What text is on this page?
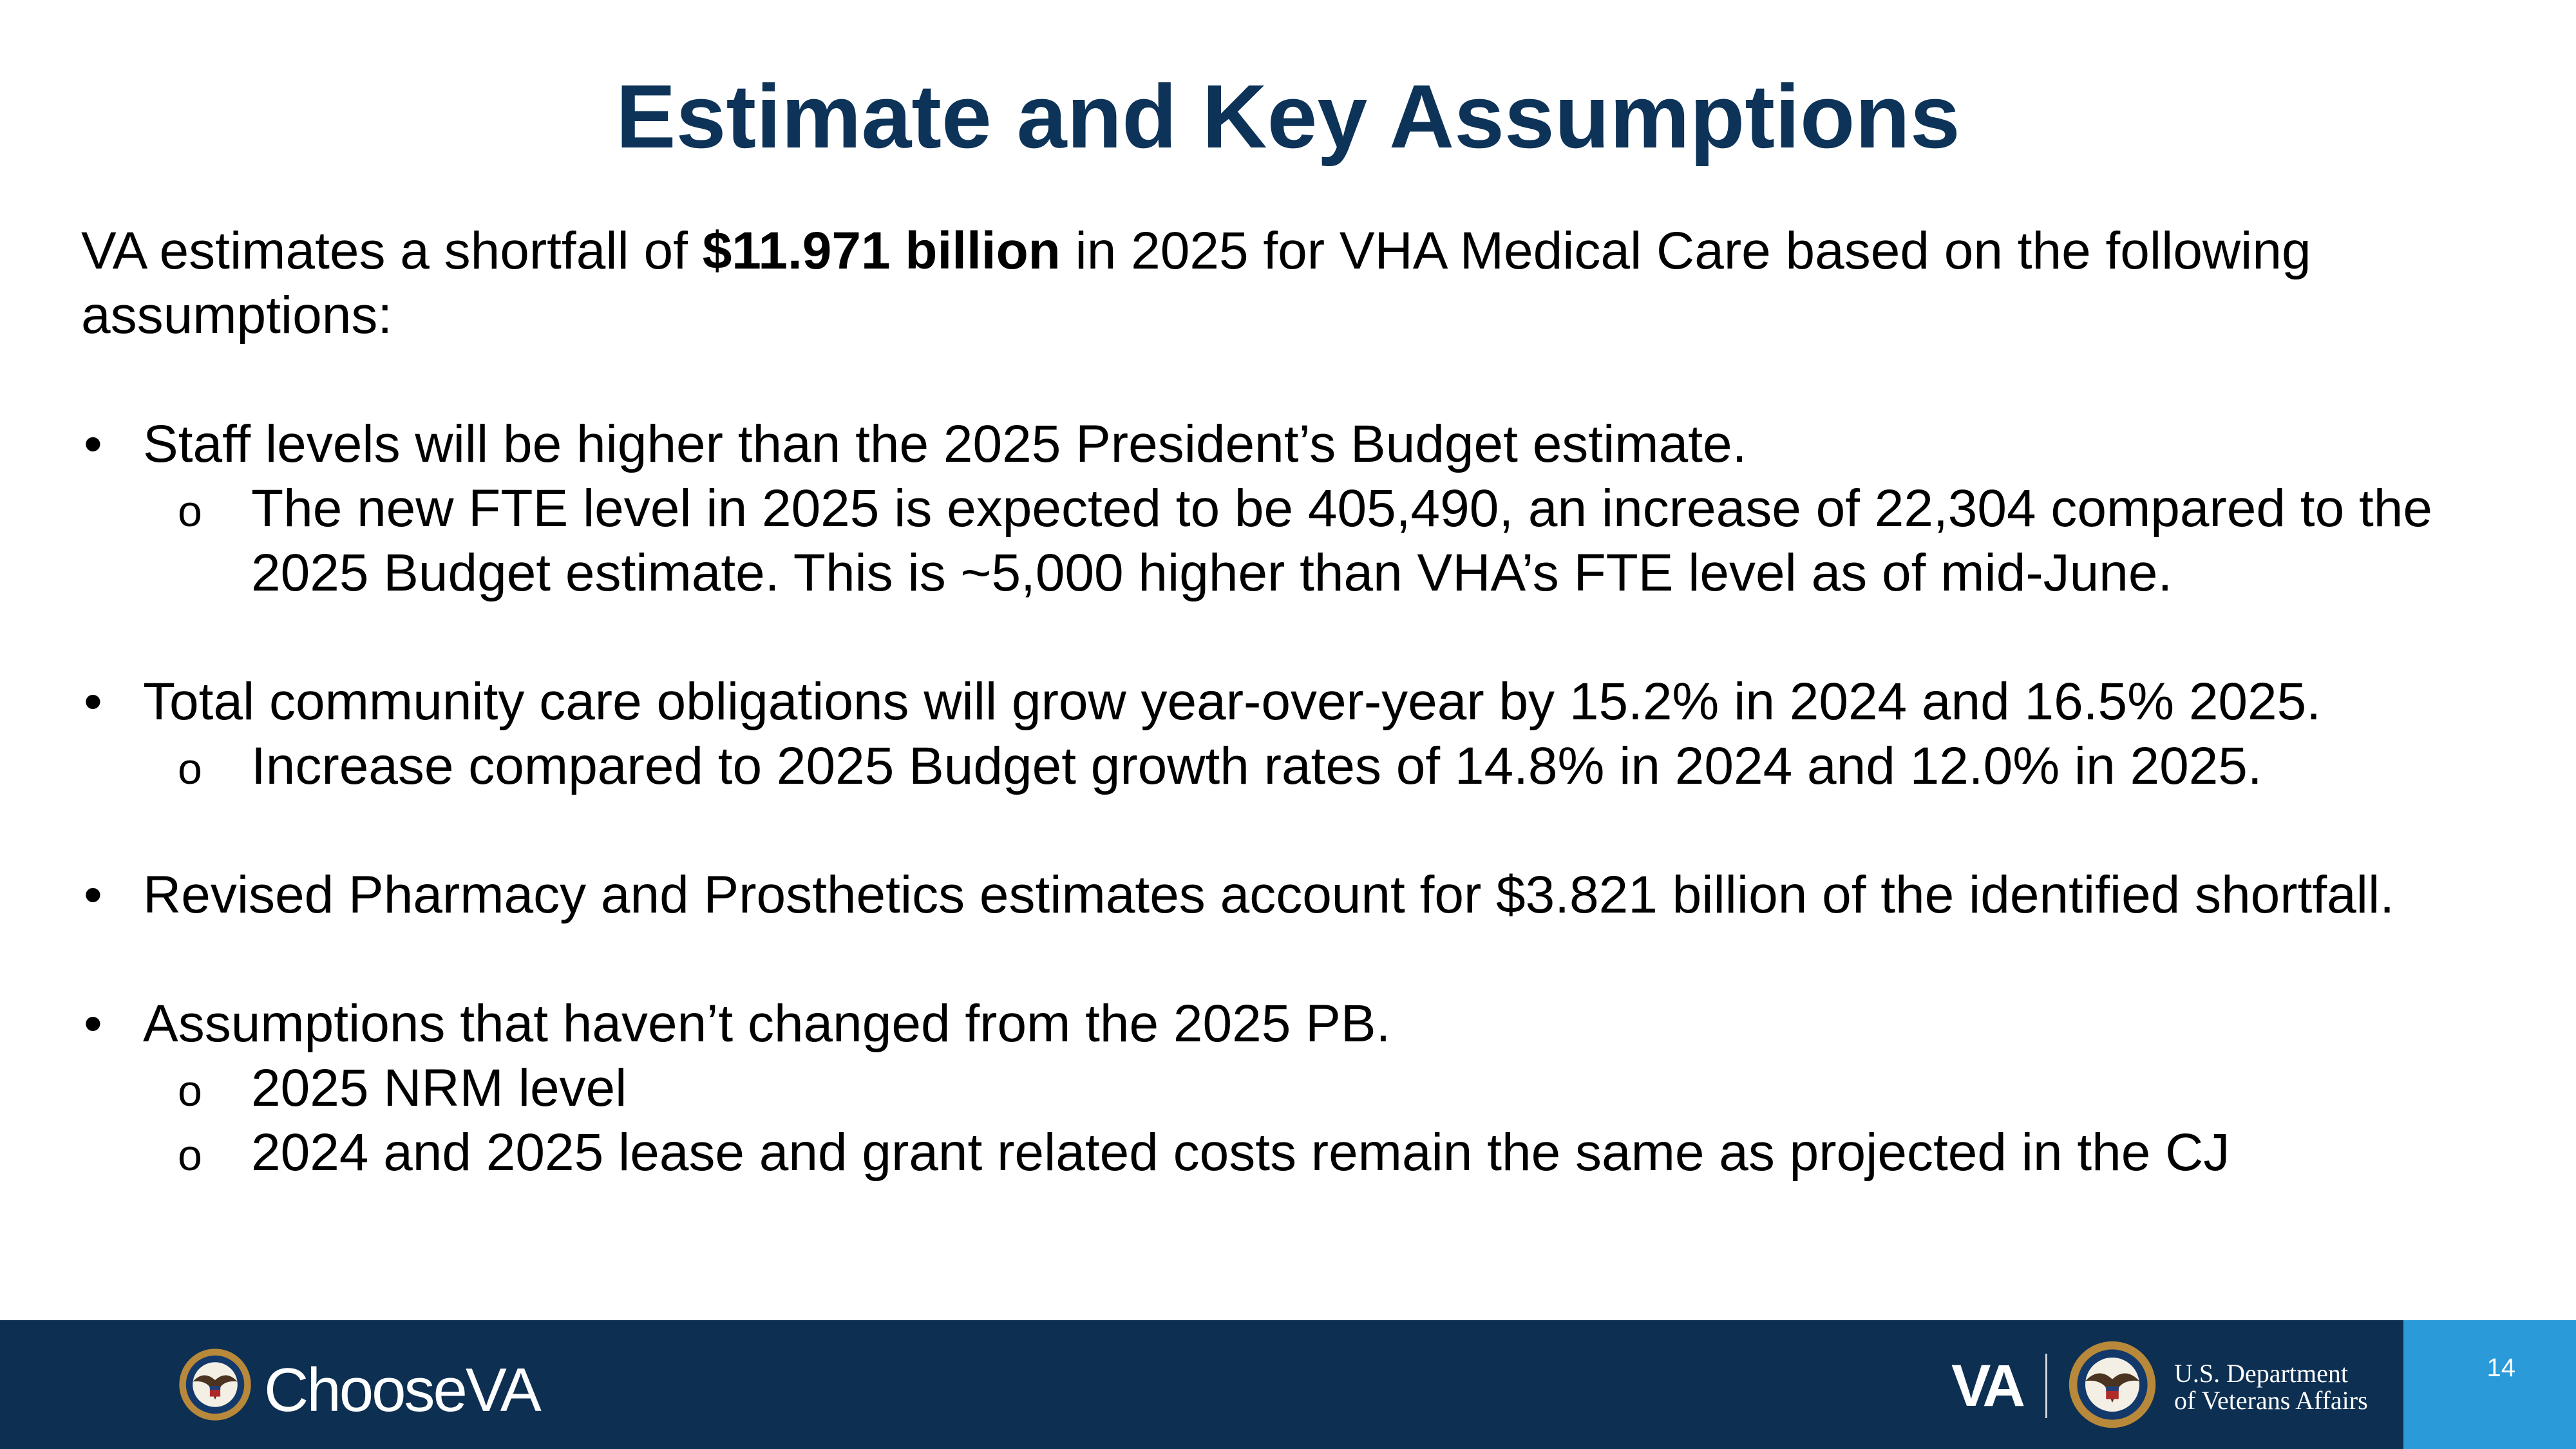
Estimate and Key Assumptions

VA estimates a shortfall of $11.971 billion in 2025 for VHA Medical Care based on the following assumptions:

• Staff levels will be higher than the 2025 President’s Budget estimate.
o The new FTE level in 2025 is expected to be 405,490, an increase of 22,304 compared to the 2025 Budget estimate. This is ~5,000 higher than VHA’s FTE level as of mid-June.
• Total community care obligations will grow year-over-year by 15.2% in 2024 and 16.5% 2025.
o Increase compared to 2025 Budget growth rates of 14.8% in 2024 and 12.0% in 2025.
• Revised Pharmacy and Prosthetics estimates account for $3.821 billion of the identified shortfall.
• Assumptions that haven’t changed from the 2025 PB.
o 2025 NRM level
o 2024 and 2025 lease and grant related costs remain the same as projected in the CJ
ChooseVA	VA	U.S. Department
of Veterans Affairs
14
